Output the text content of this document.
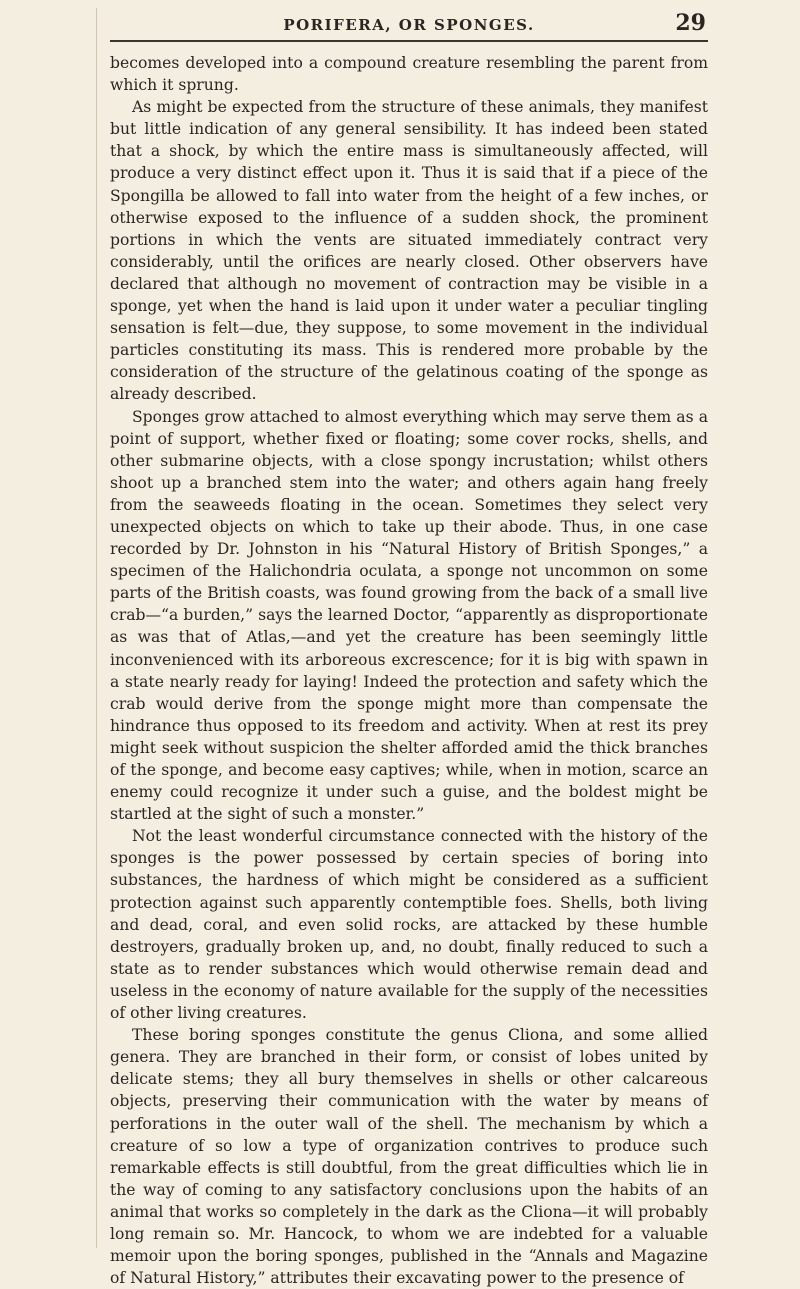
PORIFERA, OR SPONGES.	29

becomes developed into a compound creature resembling the parent from which it sprung.

As might be expected from the structure of these animals, they manifest but little indication of any general sensibility. It has indeed been stated that a shock, by which the entire mass is simultaneously affected, will produce a very distinct effect upon it. Thus it is said that if a piece of the Spongilla be allowed to fall into water from the height of a few inches, or otherwise exposed to the influence of a sudden shock, the prominent portions in which the vents are situated immediately contract very considerably, until the orifices are nearly closed. Other observers have declared that although no movement of contraction may be visible in a sponge, yet when the hand is laid upon it under water a peculiar tingling sensation is felt—due, they suppose, to some movement in the individual particles constituting its mass. This is rendered more probable by the consideration of the structure of the gelatinous coating of the sponge as already described.

Sponges grow attached to almost everything which may serve them as a point of support, whether fixed or floating; some cover rocks, shells, and other submarine objects, with a close spongy incrustation; whilst others shoot up a branched stem into the water; and others again hang freely from the seaweeds floating in the ocean. Sometimes they select very unexpected objects on which to take up their abode. Thus, in one case recorded by Dr. Johnston in his “Natural History of British Sponges,” a specimen of the Halichondria oculata, a sponge not uncommon on some parts of the British coasts, was found growing from the back of a small live crab—“a burden,” says the learned Doctor, “apparently as disproportionate as was that of Atlas,—and yet the creature has been seemingly little inconvenienced with its arboreous excrescence; for it is big with spawn in a state nearly ready for laying! Indeed the protection and safety which the crab would derive from the sponge might more than compensate the hindrance thus opposed to its freedom and activity. When at rest its prey might seek without suspicion the shelter afforded amid the thick branches of the sponge, and become easy captives; while, when in motion, scarce an enemy could recognize it under such a guise, and the boldest might be startled at the sight of such a monster.”

Not the least wonderful circumstance connected with the history of the sponges is the power possessed by certain species of boring into substances, the hardness of which might be considered as a sufficient protection against such apparently contemptible foes. Shells, both living and dead, coral, and even solid rocks, are attacked by these humble destroyers, gradually broken up, and, no doubt, finally reduced to such a state as to render substances which would otherwise remain dead and useless in the economy of nature available for the supply of the necessities of other living creatures.

These boring sponges constitute the genus Cliona, and some allied genera. They are branched in their form, or consist of lobes united by delicate stems; they all bury themselves in shells or other calcareous objects, preserving their communication with the water by means of perforations in the outer wall of the shell. The mechanism by which a creature of so low a type of organization contrives to produce such remarkable effects is still doubtful, from the great difficulties which lie in the way of coming to any satisfactory conclusions upon the habits of an animal that works so completely in the dark as the Cliona—it will probably long remain so. Mr. Hancock, to whom we are indebted for a valuable memoir upon the boring sponges, published in the “Annals and Magazine of Natural History,” attributes their excavating power to the presence of
